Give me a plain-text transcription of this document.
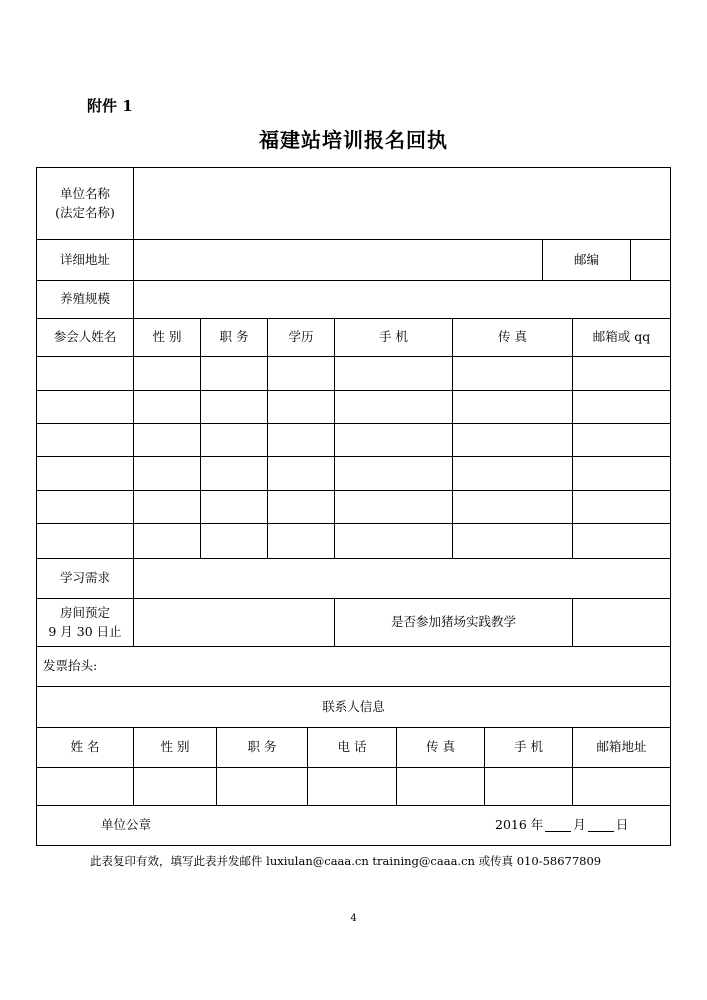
附件 1
福建站培训报名回执
单位名称
(法定名称)												

详细地址										邮编		
养殖规模												
参会人姓名	性 别	职 务		学历		手 机		传 真			邮箱或 qq	

学习需求												

房间预定
9 月 30 日止						是否参加猪场实践教学						
发票抬头:												
联系人信息												
姓 名	性 别		职 务		电 话		传 真		手 机		邮箱地址	

单位公章 2016 年 月 日												
此表复印有效，填写此表并发邮件 luxiulan@caaa.cn training@caaa.cn 或传真 010-58677809
4
